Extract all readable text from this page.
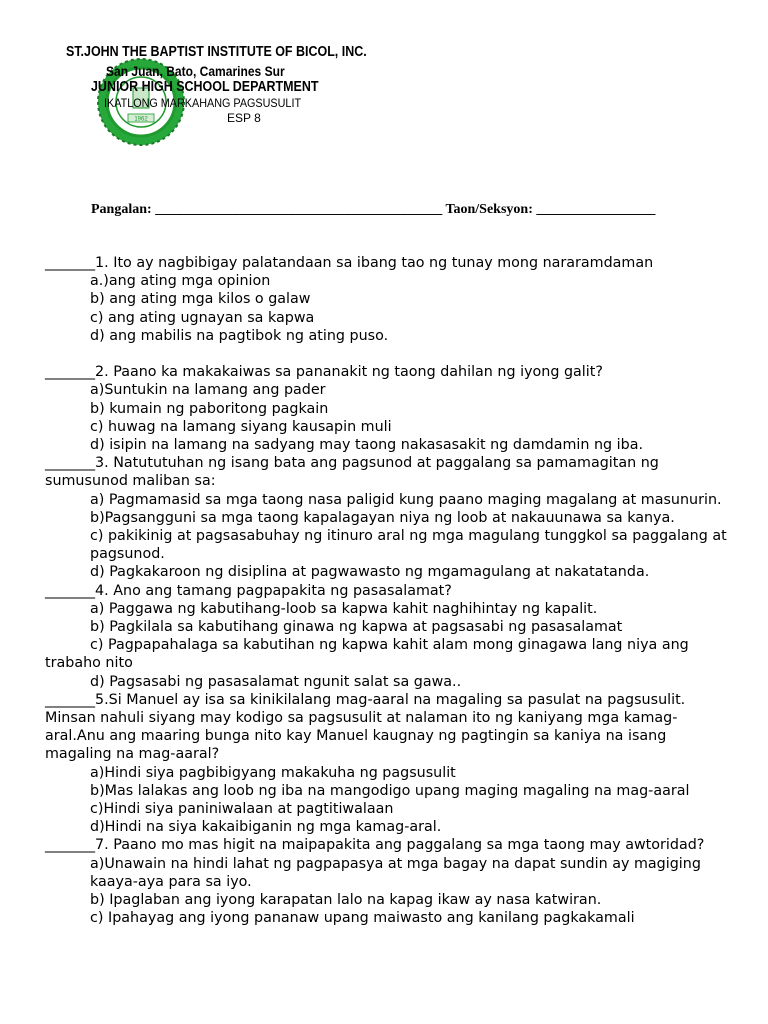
1962
ST.JOHN THE BAPTIST INSTITUTE OF BICOL, INC.
San Juan, Bato, Camarines Sur
JUNIOR HIGH SCHOOL DEPARTMENT
IKATLONG MARKAHANG PAGSUSULIT
ESP 8
Pangalan: _________________________________________ Taon/Seksyon: _________________

_______1. Ito ay nagbibigay palatandaan sa ibang tao ng tunay mong nararamdaman

a.)ang ating mga opinion

b) ang ating mga kilos o galaw

c) ang ating ugnayan sa kapwa

d) ang mabilis na pagtibok ng ating puso.

_______2. Paano ka makakaiwas sa pananakit ng taong dahilan ng iyong galit?

a)Suntukin na lamang ang pader

b) kumain ng paboritong pagkain

c) huwag na lamang siyang kausapin muli

d) isipin na lamang na sadyang may taong nakasasakit ng damdamin ng iba.

_______3. Natututuhan ng isang bata ang pagsunod at paggalang sa pamamagitan ng sumusunod maliban sa:

a) Pagmamasid sa mga taong nasa paligid kung paano maging magalang at masunurin. b)Pagsangguni sa mga taong kapalagayan niya ng loob at nakauunawa sa kanya.

c) pakikinig at pagsasabuhay ng itinuro aral ng mga magulang tunggkol sa paggalang at pagsunod.

d) Pagkakaroon ng disiplina at pagwawasto ng mgamagulang at nakatatanda.

_______4. Ano ang tamang pagpapakita ng pasasalamat?

a) Paggawa ng kabutihang-loob sa kapwa kahit naghihintay ng kapalit.

b) Pagkilala sa kabutihang ginawa ng kapwa at pagsasabi ng pasasalamat

c) Pagpapahalaga sa kabutihan ng kapwa kahit alam mong ginagawa lang niya ang

trabaho nito

d) Pagsasabi ng pasasalamat ngunit salat sa gawa..

_______5.Si Manuel ay isa sa kinikilalang mag-aaral na magaling sa pasulat na pagsusulit. Minsan nahuli siyang may kodigo sa pagsusulit at nalaman ito ng kaniyang mga kamag-aral.Anu ang maaring bunga nito kay Manuel kaugnay ng pagtingin sa kaniya na isang magaling na mag-aaral?

a)Hindi siya pagbibigyang makakuha ng pagsusulit

b)Mas lalakas ang loob ng iba na mangodigo upang maging magaling na mag-aaral

c)Hindi siya paniniwalaan at pagtitiwalaan

d)Hindi na siya kakaibiganin ng mga kamag-aral.

_______7. Paano mo mas higit na maipapakita ang paggalang sa mga taong may awtoridad?

a)Unawain na hindi lahat ng pagpapasya at mga bagay na dapat sundin ay magiging kaaya-aya para sa iyo.

b) Ipaglaban ang iyong karapatan lalo na kapag ikaw ay nasa katwiran.

c) Ipahayag ang iyong pananaw upang maiwasto ang kanilang pagkakamali
